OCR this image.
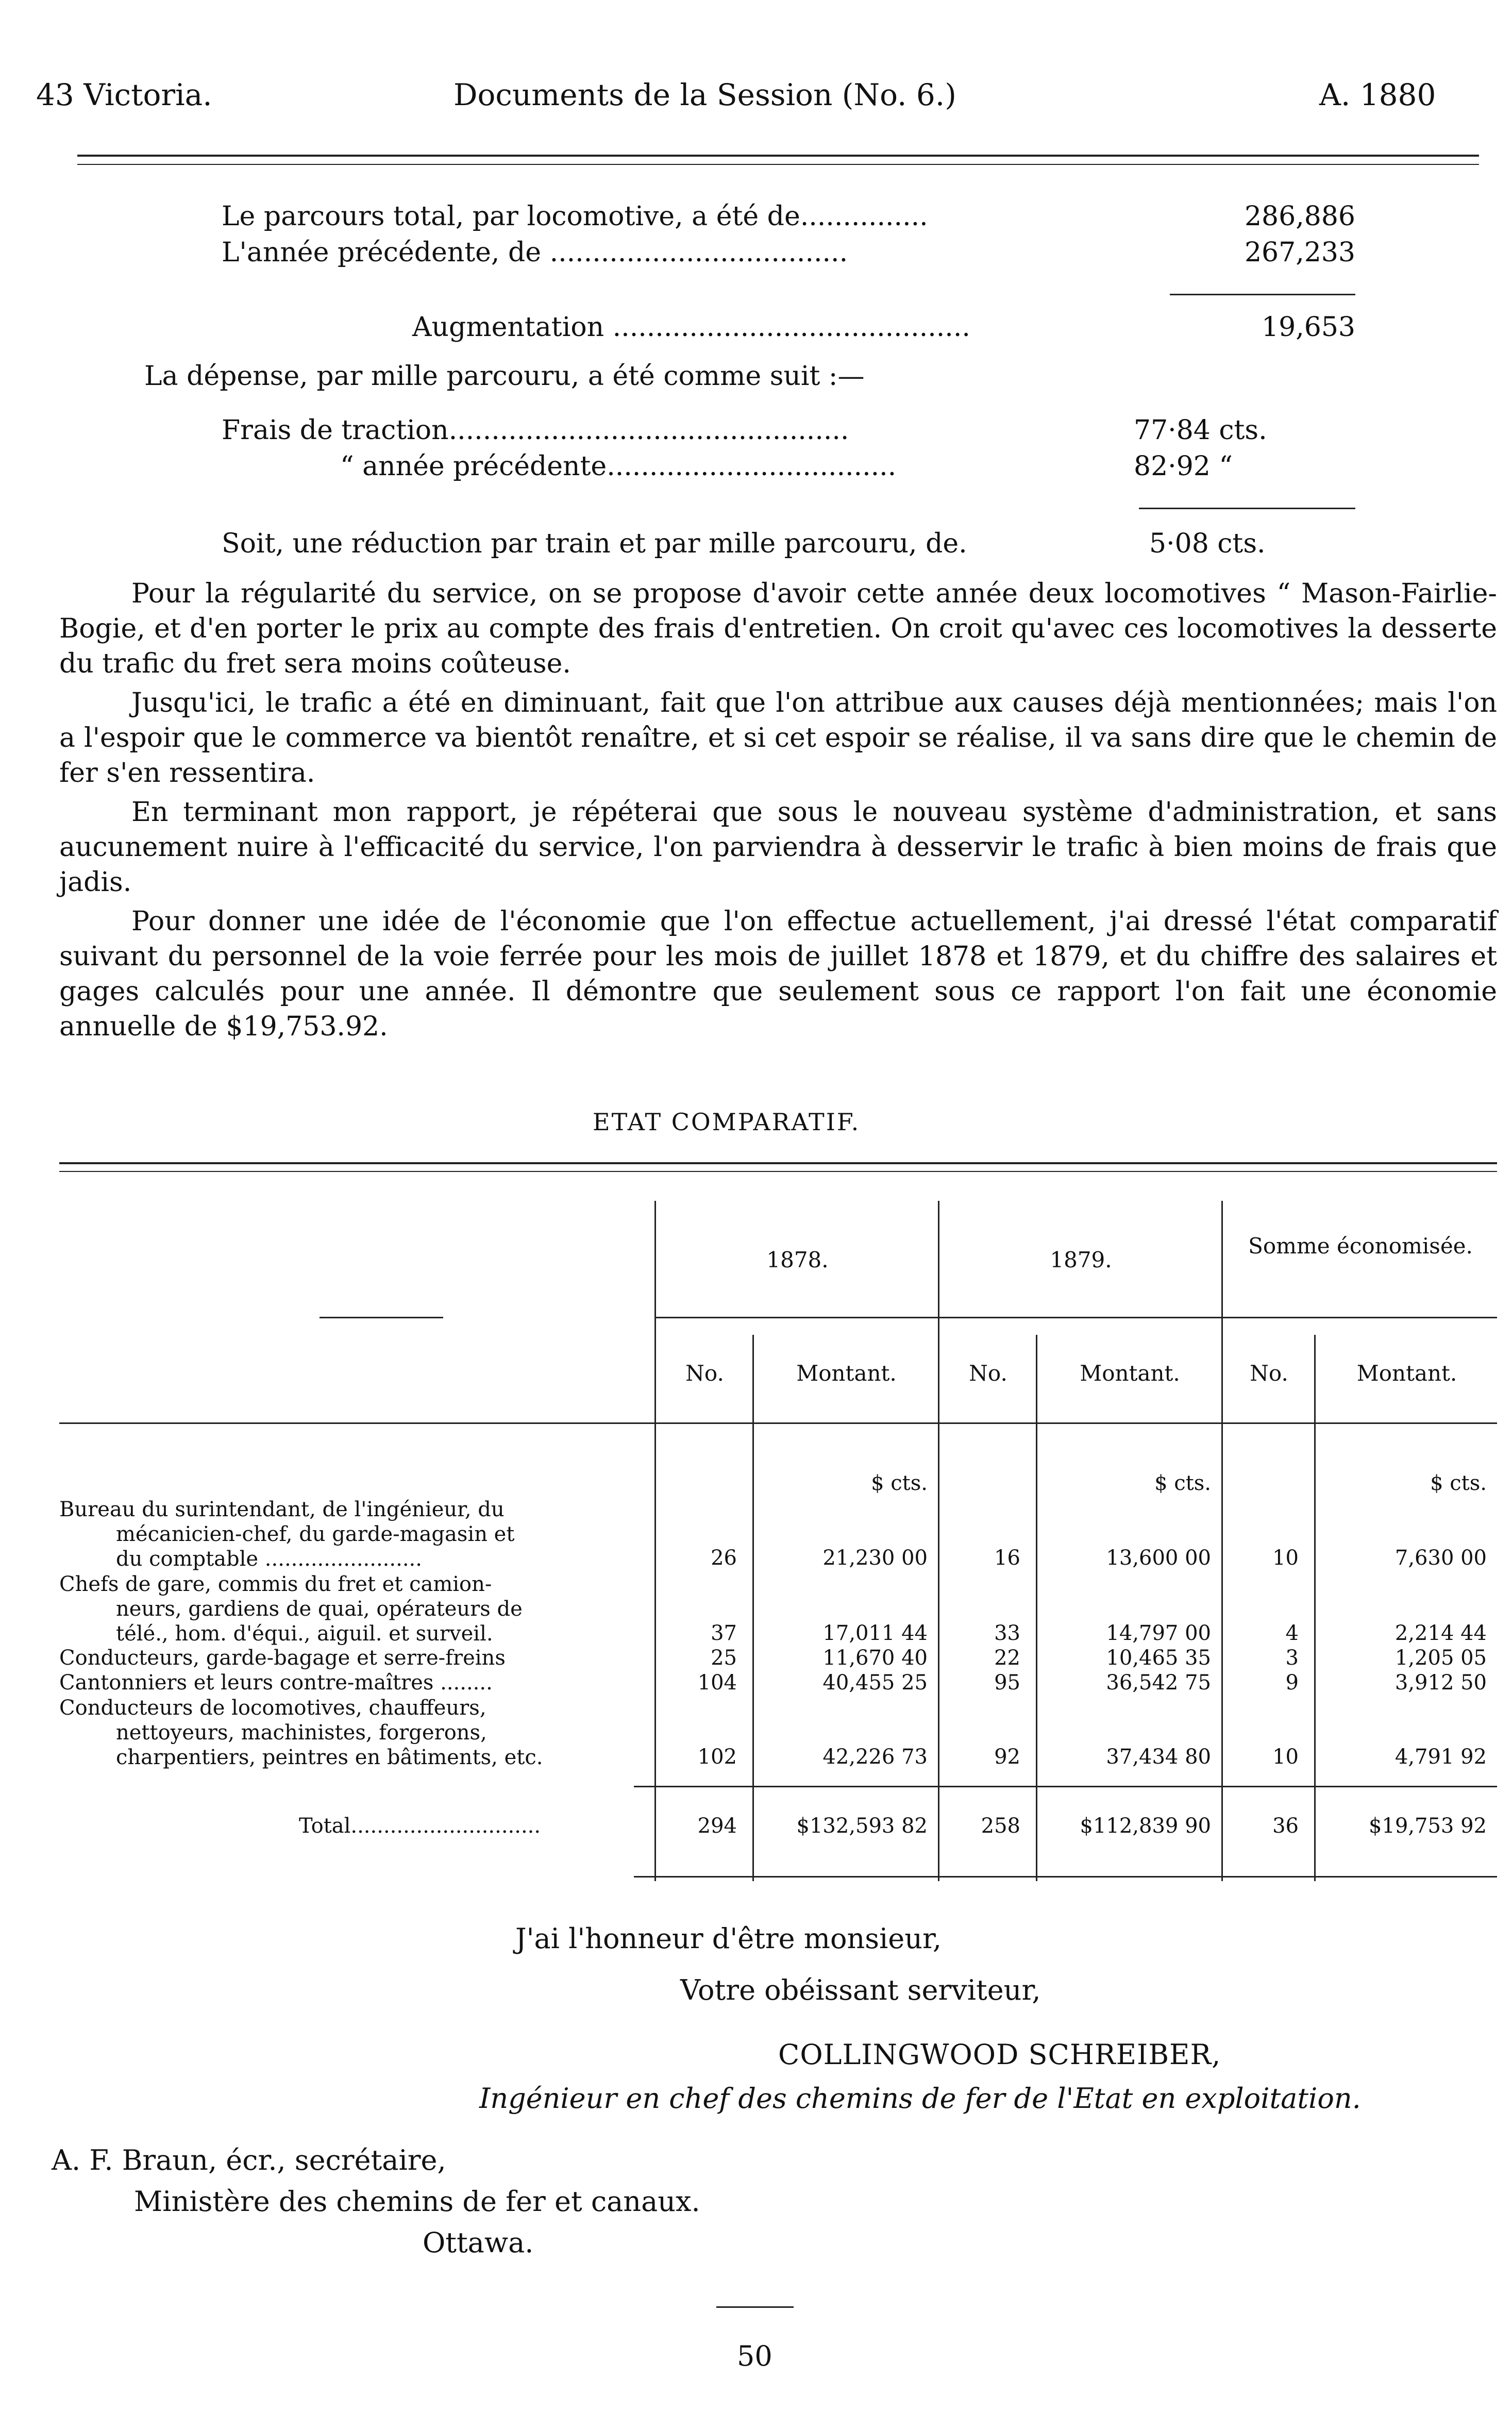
43 Victoria.	Documents de la Session (No. 6.)	A. 1880
Le parcours total, par locomotive, a été de...............	286,886
L'année précédente, de ...................................	267,233
Augmentation ..........................................	19,653
La dépense, par mille parcouru, a été comme suit :—
Frais de traction...............................................	77·84 cts.
“ année précédente..................................	82·92 “
Soit, une réduction par train et par mille parcouru, de.	5·08 cts.
Pour la régularité du service, on se propose d'avoir cette année deux locomotives “ Mason-Fairlie-Bogie, et d'en porter le prix au compte des frais d'entretien. On croit qu'avec ces locomotives la desserte du trafic du fret sera moins coûteuse.
Jusqu'ici, le trafic a été en diminuant, fait que l'on attribue aux causes déjà mentionnées; mais l'on a l'espoir que le commerce va bientôt renaître, et si cet espoir se réalise, il va sans dire que le chemin de fer s'en ressentira.
En terminant mon rapport, je répéterai que sous le nouveau système d'administration, et sans aucunement nuire à l'efficacité du service, l'on parviendra à desservir le trafic à bien moins de frais que jadis.
Pour donner une idée de l'économie que l'on effectue actuellement, j'ai dressé l'état comparatif suivant du personnel de la voie ferrée pour les mois de juillet 1878 et 1879, et du chiffre des salaires et gages calculés pour une année. Il démontre que seulement sous ce rapport l'on fait une économie annuelle de $19,753.92.
ETAT COMPARATIF.
1878.	1879.
Somme économisée.
No.	Montant.	No.	Montant.	No.	Montant.
$ cts.	$ cts.	$ cts.
Bureau du surintendant, de l'ingénieur, du
mécanicien-chef, du garde-magasin et
du comptable ........................	26	21,230 00	16	13,600 00	10	7,630 00
Chefs de gare, commis du fret et camion-
neurs, gardiens de quai, opérateurs de
télé., hom. d'équi., aiguil. et surveil.	37	17,011 44	33	14,797 00	4	2,214 44
Conducteurs, garde-bagage et serre-freins	25	11,670 40	22	10,465 35	3	1,205 05
Cantonniers et leurs contre-maîtres ........	104	40,455 25	95	36,542 75	9	3,912 50
Conducteurs de locomotives, chauffeurs,
nettoyeurs, machinistes, forgerons,
charpentiers, peintres en bâtiments, etc.	102	42,226 73	92	37,434 80	10	4,791 92
Total.............................	294	$132,593 82	258	$112,839 90	36	$19,753 92
J'ai l'honneur d'être monsieur,
Votre obéissant serviteur,
COLLINGWOOD SCHREIBER,
Ingénieur en chef des chemins de fer de l'Etat en exploitation.
A. F. Braun, écr., secrétaire,
Ministère des chemins de fer et canaux.
Ottawa.
50
